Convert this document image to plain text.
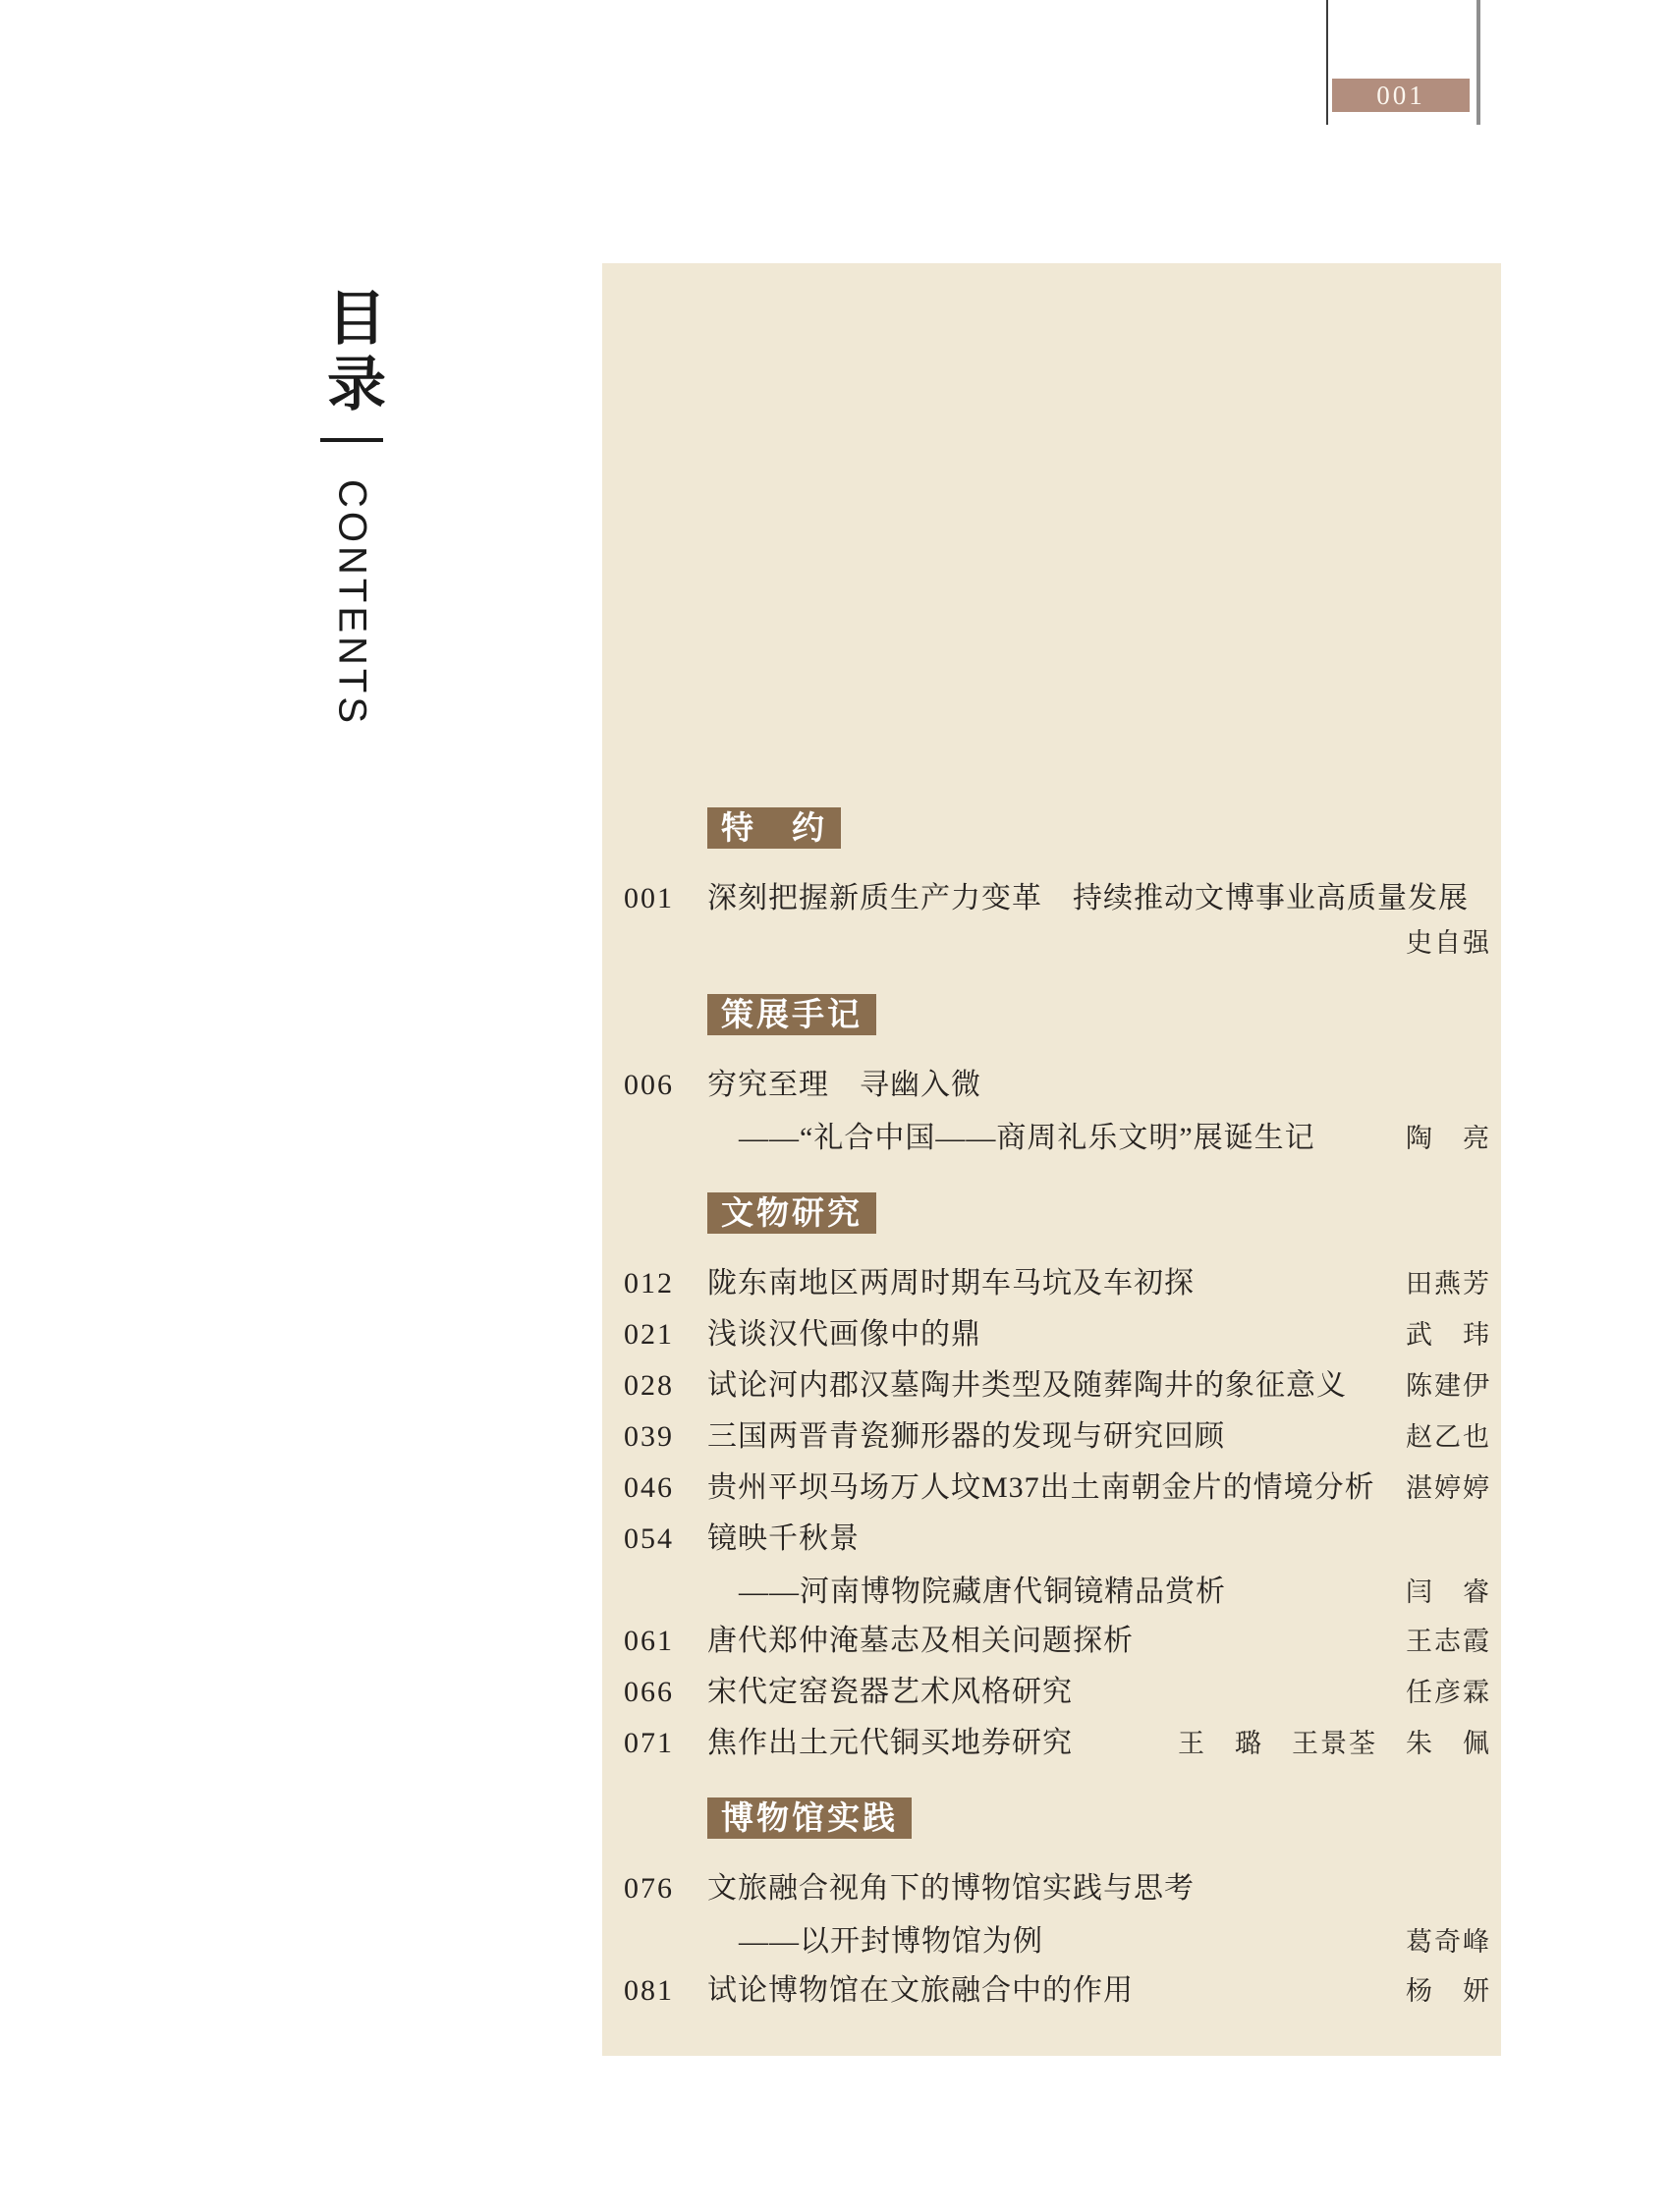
001
目录
CONTENTS
特　约
001	深刻把握新质生产力变革　持续推动文博事业高质量发展
史自强
策展手记
006	穷究至理　寻幽入微
——“礼合中国——商周礼乐文明”展诞生记	陶　亮
文物研究
012	陇东南地区两周时期车马坑及车初探	田燕芳
021	浅谈汉代画像中的鼎	武　玮
028	试论河内郡汉墓陶井类型及随葬陶井的象征意义	陈建伊
039	三国两晋青瓷狮形器的发现与研究回顾	赵乙也
046	贵州平坝马场万人坟M37出土南朝金片的情境分析	湛婷婷
054	镜映千秋景
——河南博物院藏唐代铜镜精品赏析	闫　睿
061	唐代郑仲淹墓志及相关问题探析	王志霞
066	宋代定窑瓷器艺术风格研究	任彦霖
071	焦作出土元代铜买地券研究	王　璐　王景荃　朱　佩
博物馆实践
076	文旅融合视角下的博物馆实践与思考
——以开封博物馆为例	葛奇峰
081	试论博物馆在文旅融合中的作用	杨　妍
